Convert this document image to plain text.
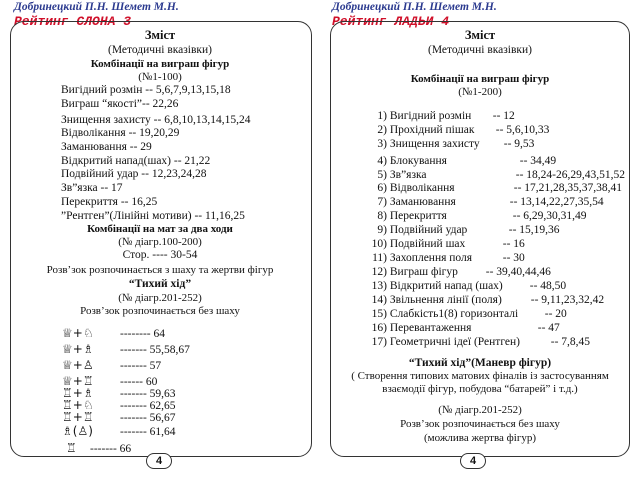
Добринецкий П.Н. Шемет М.Н.
Рейтинг СЛОНА 3
Зміст
(Методичні вказівки)
Комбінації на виграш фігур
(№1-100)
Вигідний розмін -- 5,6,7,9,13,15,18
Виграш “якості”-- 22,26
Знищення захисту -- 6,8,10,13,14,15,24
Відволікання -- 19,20,29
Заманювання -- 29
Відкритий напад(шах) -- 21,22
Подвійний удар -- 12,23,24,28
Зв”язка -- 17
Перекриття -- 16,25
”Рентген”(Лінійні мотиви) -- 11,16,25
Комбінації на мат за два ходи
(№ діагр.100-200)
Стор. ---- 30-54
Розв’зок розпочинається з шаху та жертви фігур
“Тихий хід”
(№ діагр.201-252)
Розв’зок розпочинається без шаху
♕+♘ -------- 64
♕+♗ ------- 55,58,67
♕+♙ ------- 57
♕+♖ ------ 60
♖+♗ ------- 59,63
♖+♘ ------- 62,65
♖+♖ ------- 56,67
♗(♙) ------- 61,64
♖ ------- 66
4
Добринецкий П.Н. Шемет М.Н.
Рейтинг ЛАДЬИ 4
Зміст
(Методичні вказівки)
Комбінації на виграш фігур
(№1-200)
1) Вигідний розмін -- 12
2) Прохідний пішак -- 5,6,10,33
3) Знищення захисту -- 9,53
4) Блокування	-- 34,49
5) Зв”язка	-- 18,24-26,29,43,51,52
6) Відволікання	-- 17,21,28,35,37,38,41
7) Заманювання	-- 13,14,22,27,35,54
8) Перекриття	-- 6,29,30,31,49
9) Подвійний удар	-- 15,19,36
10) Подвійний шах	-- 16
11) Захоплення поля	-- 30
12) Виграш фігур -- 39,40,44,46
13) Відкритий напад (шах) -- 48,50
14) Звільнення лінії (поля)	-- 9,11,23,32,42
15) Слабкість1(8) горизонталі -- 20
16) Перевантаження	-- 47
17) Геометричні ідеї (Рентген)	-- 7,8,45
“Тихий хід”(Маневр фігур)
( Створення типових матових фіналів із застосуванням
взаємодії фігур, побудова “батарей” і т.д.)
(№ діагр.201-252)
Розв’зок розпочинається без шаху
(можлива жертва фігур)
4
